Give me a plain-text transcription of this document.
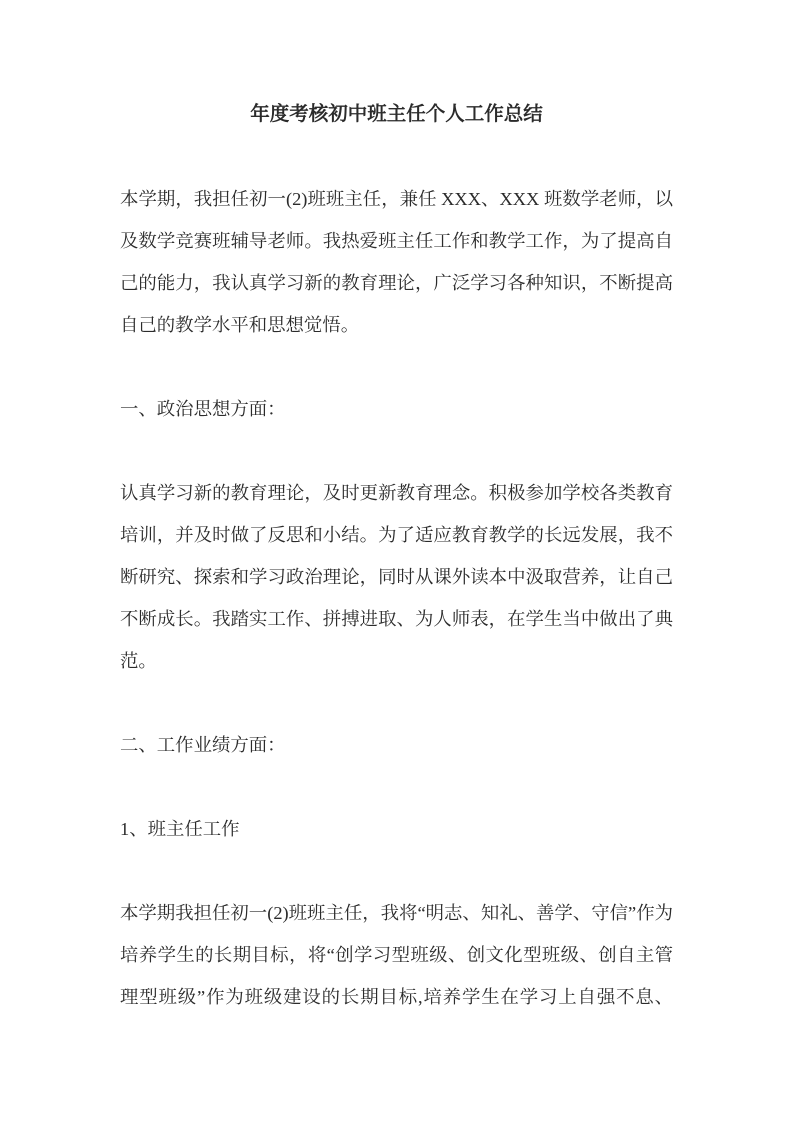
年度考核初中班主任个人工作总结

本学期，我担任初一(2)班班主任，兼任 XXX、XXX 班数学老师，以及数学竞赛班辅导老师。我热爱班主任工作和教学工作，为了提高自己的能力，我认真学习新的教育理论，广泛学习各种知识，不断提高自己的教学水平和思想觉悟。

一、政治思想方面：

认真学习新的教育理论，及时更新教育理念。积极参加学校各类教育培训，并及时做了反思和小结。为了适应教育教学的长远发展，我不断研究、探索和学习政治理论，同时从课外读本中汲取营养，让自己不断成长。我踏实工作、拼搏进取、为人师表，在学生当中做出了典范。

二、工作业绩方面：
1、班主任工作

本学期我担任初一(2)班班主任，我将“明志、知礼、善学、守信”作为培养学生的长期目标，将“创学习型班级、创文化型班级、创自主管理型班级”作为班级建设的长期目标,培养学生在学习上自强不息、
